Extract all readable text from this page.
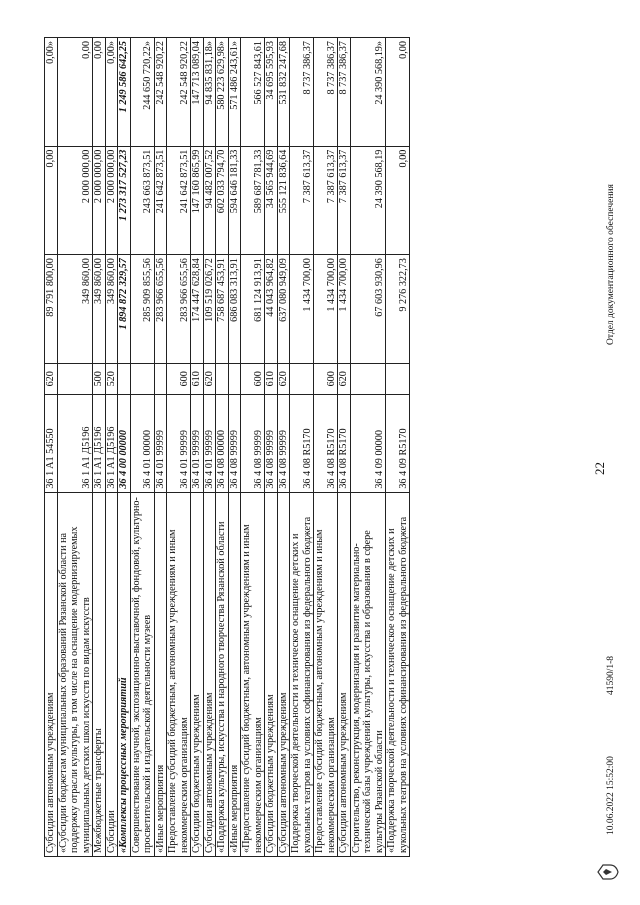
22
Субсидии автономным учреждениям	36 1 A1 54550	620	89 791 800,00	0,00	0,00»
«Субсидии бюджетам муниципальных образований Рязанской области на поддержку отрасли культуры, в том числе на оснащение модернизируемых муниципальных детских школ искусств по видам искусств	36 1 A1 Д5196		349 860,00	2 000 000,00	0,00
Межбюджетные трансферты	36 1 A1 Д5196	500	349 860,00	2 000 000,00	0,00
Субсидии	36 1 A1 Д5196	520	349 860,00	2 000 000,00	0,00»
«Комплексы процессных мероприятий	36 4 00 00000		1 894 872 329,57	1 273 317 527,23	1 249 586 642,25
Совершенствование научной, экспозиционно-выставочной, фондовой, культурно-просветительской и издательской деятельности музеев	36 4 01 00000		285 909 855,56	243 663 873,51	244 650 720,22»
«Иные мероприятия	36 4 01 99999		283 966 655,56	241 642 873,51	242 548 920,22
Предоставление субсидий бюджетным, автономным учреждениям и иным некоммерческим организациям	36 4 01 99999	600	283 966 655,56	241 642 873,51	242 548 920,22
Субсидии бюджетным учреждениям	36 4 01 99999	610	174 447 628,84	147 160 865,99	147 713 089,04
Субсидии автономным учреждениям	36 4 01 99999	620	109 519 026,72	94 482 007,52	94 835 831,18»
«Поддержка культуры, искусства и народного творчества Рязанской области	36 4 08 00000		758 687 453,91	602 033 794,70	580 223 629,98»
«Иные мероприятия	36 4 08 99999		686 083 313,91	594 646 181,33	571 486 243,61»
«Предоставление субсидий бюджетным, автономным учреждениям и иным некоммерческим организациям	36 4 08 99999	600	681 124 913,91	589 687 781,33	566 527 843,61
Субсидии бюджетным учреждениям	36 4 08 99999	610	44 043 964,82	34 565 944,69	34 695 595,93
Субсидии автономным учреждениям	36 4 08 99999	620	637 080 949,09	555 121 836,64	531 832 247,68
Поддержка творческой деятельности и техническое оснащение детских и кукольных театров на условиях софинансирования из федерального бюджета	36 4 08 R5170		1 434 700,00	7 387 613,37	8 737 386,37
Предоставление субсидий бюджетным, автономным учреждениям и иным некоммерческим организациям	36 4 08 R5170	600	1 434 700,00	7 387 613,37	8 737 386,37
Субсидии автономным учреждениям	36 4 08 R5170	620	1 434 700,00	7 387 613,37	8 737 386,37
Строительство, реконструкция, модернизация и развитие материально-технической базы учреждений культуры, искусства и образования в сфере культуры Рязанской области	36 4 09 00000		67 603 930,96	24 390 568,19	24 390 568,19»
«Поддержка творческой деятельности и техническое оснащение детских и кукольных театров на условиях софинансирования из федерального бюджета	36 4 09 R5170		9 276 322,73	0,00	0,00
10.06.2022 15:52:00
41590/1-8
Отдел документационного обеспечения
